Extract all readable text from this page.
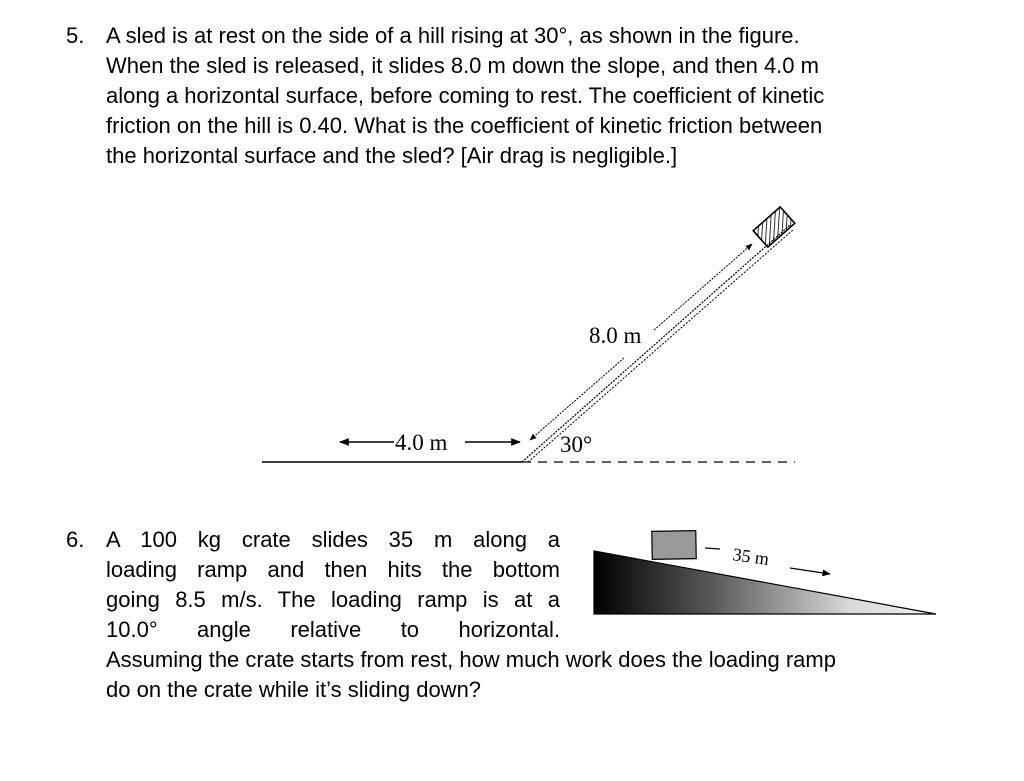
5. A sled is at rest on the side of a hill rising at 30°, as shown in the figure.
When the sled is released, it slides 8.0 m down the slope, and then 4.0 m
along a horizontal surface, before coming to rest. The coefficient of kinetic
friction on the hill is 0.40. What is the coefficient of kinetic friction between
the horizontal surface and the sled? [Air drag is negligible.]
8.0 m
4.0 m	30°
6. A 100 kg crate slides 35 m along a
loading ramp and then hits the bottom
going 8.5 m/s. The loading ramp is at a
10.0° angle relative to horizontal.
Assuming the crate starts from rest, how much work does the loading ramp
do on the crate while it’s sliding down?
35 m
